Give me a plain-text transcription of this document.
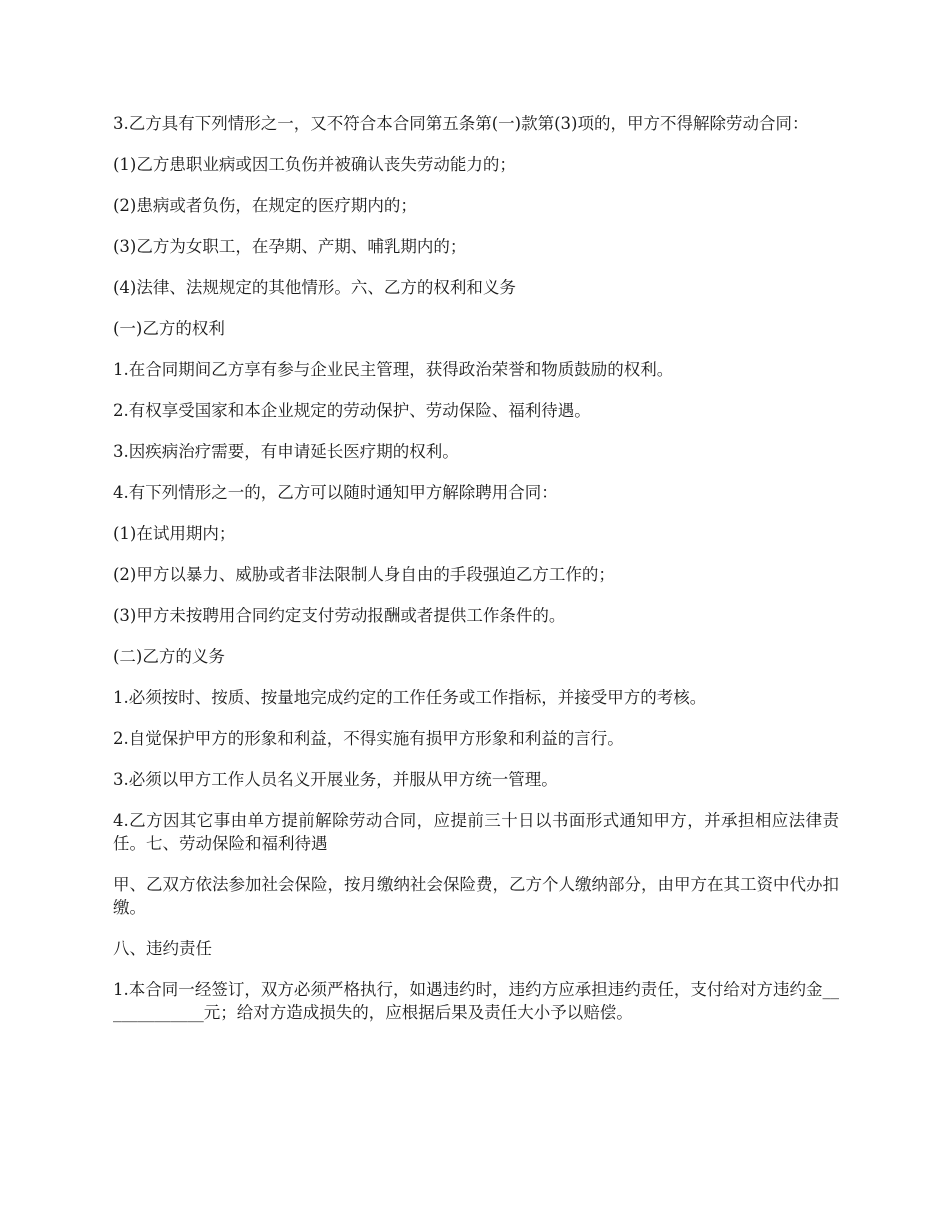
3.乙方具有下列情形之一，又不符合本合同第五条第(一)款第(3)项的，甲方不得解除劳动合同：

(1)乙方患职业病或因工负伤并被确认丧失劳动能力的；

(2)患病或者负伤，在规定的医疗期内的；

(3)乙方为女职工，在孕期、产期、哺乳期内的；

(4)法律、法规规定的其他情形。六、乙方的权利和义务

(一)乙方的权利

1.在合同期间乙方享有参与企业民主管理，获得政治荣誉和物质鼓励的权利。

2.有权享受国家和本企业规定的劳动保护、劳动保险、福利待遇。

3.因疾病治疗需要，有申请延长医疗期的权利。

4.有下列情形之一的，乙方可以随时通知甲方解除聘用合同：

(1)在试用期内；

(2)甲方以暴力、威胁或者非法限制人身自由的手段强迫乙方工作的；

(3)甲方未按聘用合同约定支付劳动报酬或者提供工作条件的。

(二)乙方的义务

1.必须按时、按质、按量地完成约定的工作任务或工作指标，并接受甲方的考核。

2.自觉保护甲方的形象和利益，不得实施有损甲方形象和利益的言行。

3.必须以甲方工作人员名义开展业务，并服从甲方统一管理。

4.乙方因其它事由单方提前解除劳动合同，应提前三十日以书面形式通知甲方，并承担相应法律责任。七、劳动保险和福利待遇

甲、乙双方依法参加社会保险，按月缴纳社会保险费，乙方个人缴纳部分，由甲方在其工资中代办扣缴。

八、违约责任

1.本合同一经签订，双方必须严格执行，如遇违约时，违约方应承担违约责任，支付给对方违约金_____________元；给对方造成损失的，应根据后果及责任大小予以赔偿。
